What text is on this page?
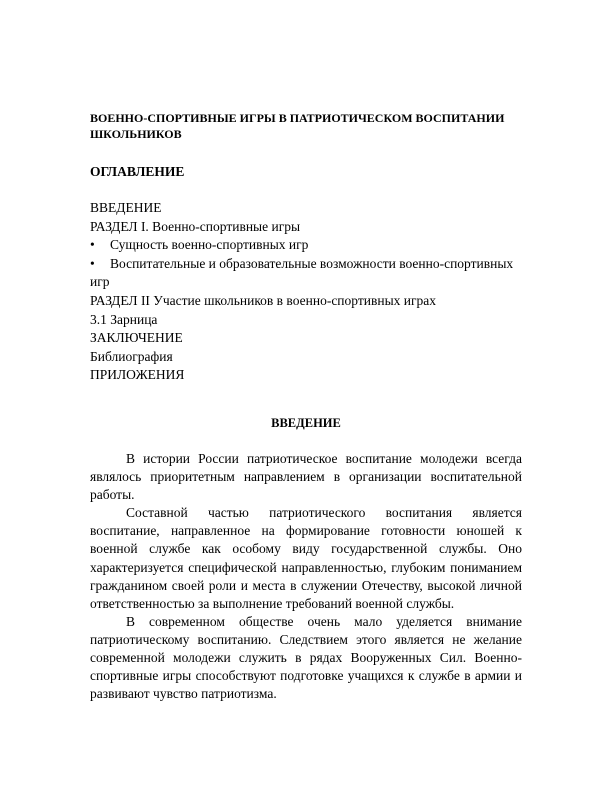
ВОЕННО-СПОРТИВНЫЕ ИГРЫ В ПАТРИОТИЧЕСКОМ ВОСПИТАНИИ ШКОЛЬНИКОВ
ОГЛАВЛЕНИЕ
ВВЕДЕНИЕ
РАЗДЕЛ I. Военно-спортивные игры
• Сущность военно-спортивных игр
• Воспитательные и образовательные возможности военно-спортивных игр
РАЗДЕЛ II Участие школьников в военно-спортивных играх
3.1 Зарница
ЗАКЛЮЧЕНИЕ
Библиография
ПРИЛОЖЕНИЯ
ВВЕДЕНИЕ

В истории России патриотическое воспитание молодежи всегда являлось приоритетным направлением в организации воспитательной работы.

Составной частью патриотического воспитания является воспитание, направленное на формирование готовности юношей к военной службе как особому виду государственной службы. Оно характеризуется специфической направленностью, глубоким пониманием гражданином своей роли и места в служении Отечеству, высокой личной ответственностью за выполнение требований военной службы.

В современном обществе очень мало уделяется внимание патриотическому воспитанию. Следствием этого является не желание современной молодежи служить в рядах Вооруженных Сил. Военно-спортивные игры способствуют подготовке учащихся к службе в армии и развивают чувство патриотизма.
